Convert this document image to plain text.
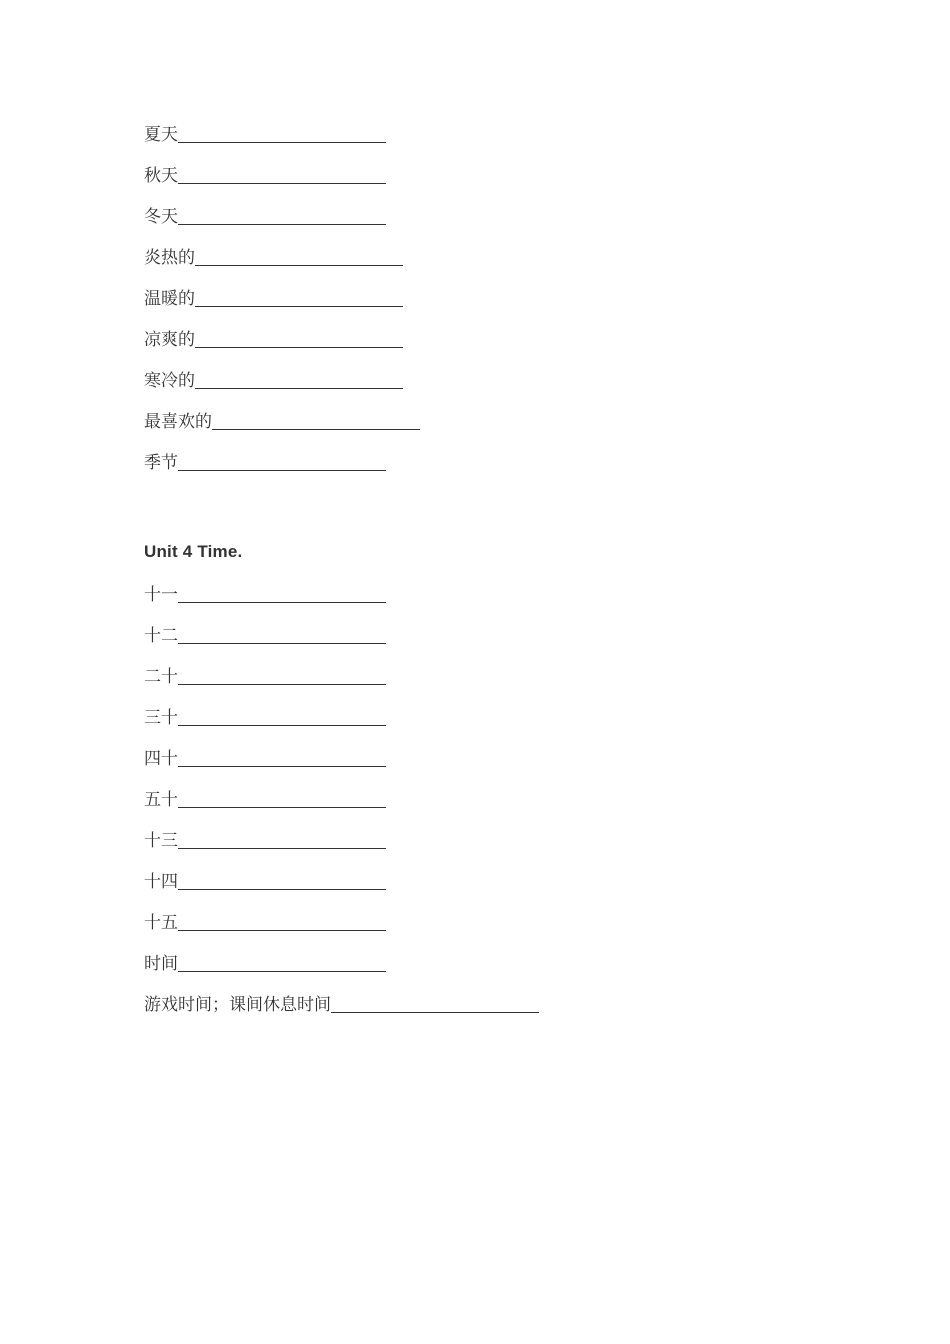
夏天
秋天
冬天
炎热的
温暖的
凉爽的
寒冷的
最喜欢的
季节
Unit 4 Time.
十一
十二
二十
三十
四十
五十
十三
十四
十五
时间
游戏时间；课间休息时间
